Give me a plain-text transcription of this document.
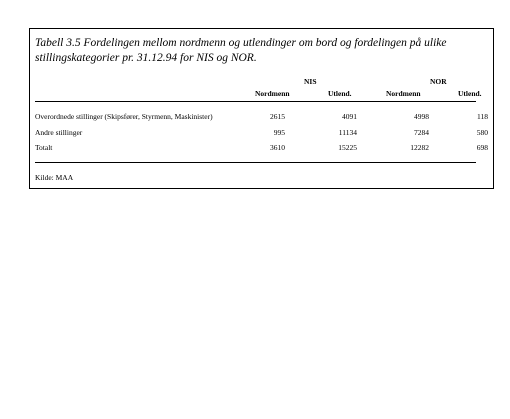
Tabell 3.5 Fordelingen mellom nordmenn og utlendinger om bord og fordelingen på ulike stillingskategorier pr. 31.12.94 for NIS og NOR.
NIS	NOR
Nordmenn	Utlend.	Nordmenn	Utlend.
Overordnede stillinger (Skipsfører, Styrmenn, Maskinister)	2615	4091	4998	118
Andre stillinger	995	11134	7284	580
Totalt	3610	15225	12282	698
Kilde: MAA
